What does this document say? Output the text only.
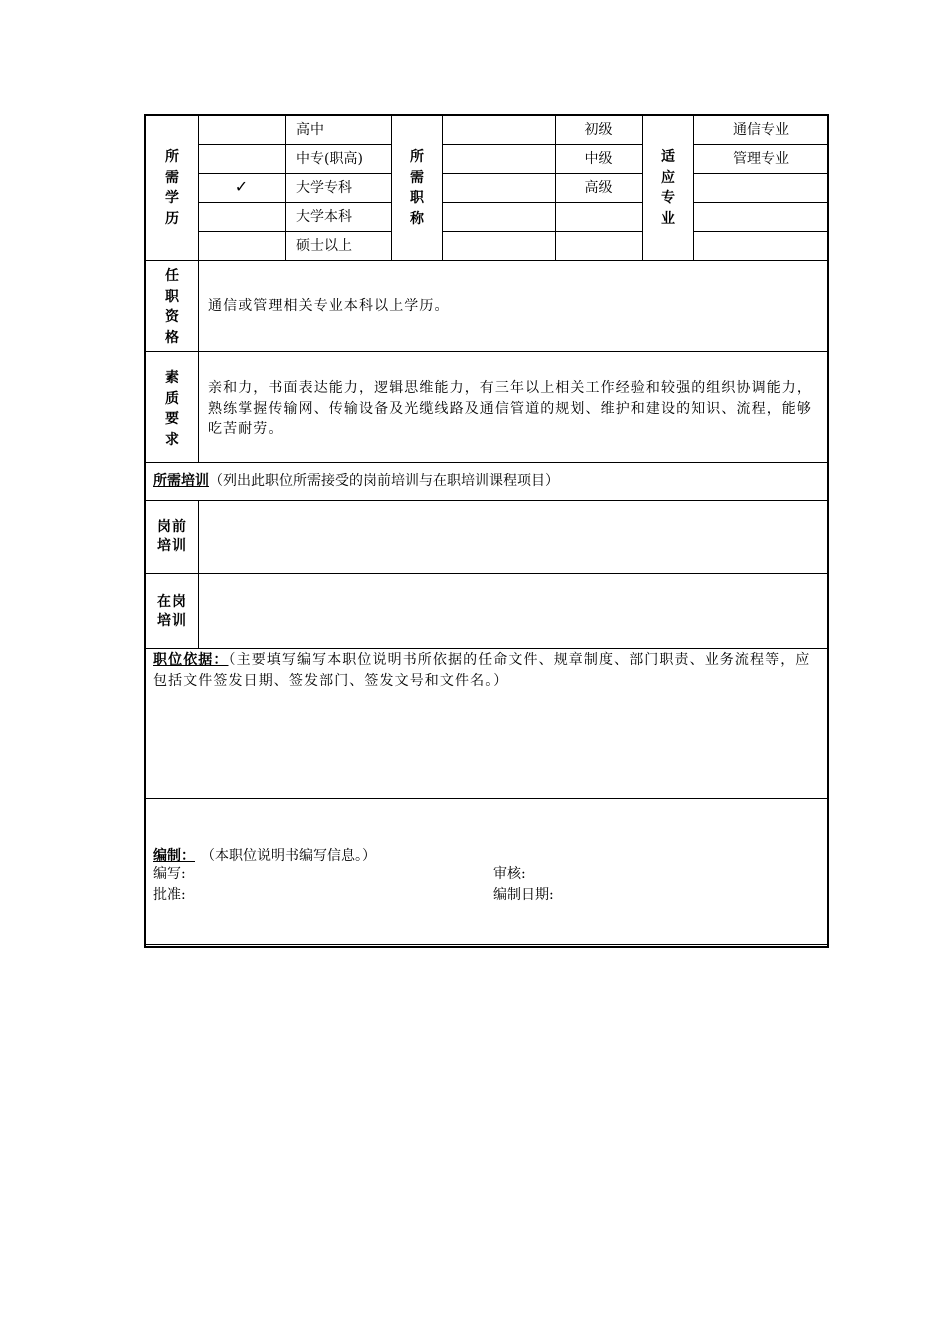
所需学历
高中
中专(职高)
大学专科
大学本科
硕士以上
✓
所需职称
初级
中级
高级
适应专业
通信专业
管理专业
任职资格
通信或管理相关专业本科以上学历。
素质要求
亲和力，书面表达能力，逻辑思维能力，有三年以上相关工作经验和较强的组织协调能力，熟练掌握传输网、传输设备及光缆线路及通信管道的规划、维护和建设的知识、流程，能够吃苦耐劳。
所需培训（列出此职位所需接受的岗前培训与在职培训课程项目）
岗前培训
在岗培训
职位依据：（主要填写编写本职位说明书所依据的任命文件、规章制度、部门职责、业务流程等，应包括文件签发日期、签发部门、签发文号和文件名。）
编制： （本职位说明书编写信息。）
编写:	审核:
批准:	编制日期:
